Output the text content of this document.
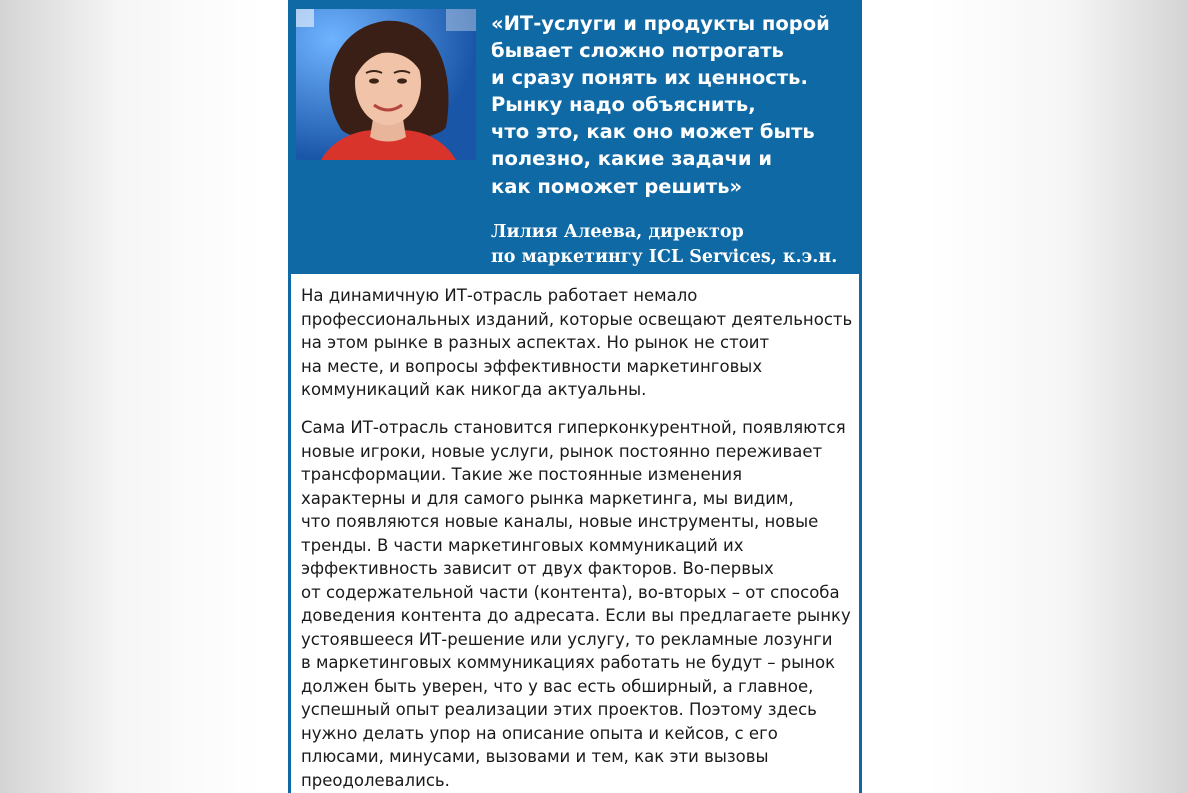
«ИТ-услуги и продукты порой
бывает сложно потрогать
и сразу понять их ценность.
Рынку надо объяснить,
что это, как оно может быть
полезно, какие задачи и
как поможет решить»

Лилия Алеева, директор
по маркетингу ICL Services, к.э.н.

На динамичную ИТ-отрасль работает немало
профессиональных изданий, которые освещают деятельность
на этом рынке в разных аспектах. Но рынок не стоит
на месте, и вопросы эффективности маркетинговых
коммуникаций как никогда актуальны.

Сама ИТ-отрасль становится гиперконкурентной, появляются
новые игроки, новые услуги, рынок постоянно переживает
трансформации. Такие же постоянные изменения
характерны и для самого рынка маркетинга, мы видим,
что появляются новые каналы, новые инструменты, новые
тренды. В части маркетинговых коммуникаций их
эффективность зависит от двух факторов. Во-первых
от содержательной части (контента), во-вторых – от способа
доведения контента до адресата. Если вы предлагаете рынку
устоявшееся ИТ-решение или услугу, то рекламные лозунги
в маркетинговых коммуникациях работать не будут – рынок
должен быть уверен, что у вас есть обширный, а главное,
успешный опыт реализации этих проектов. Поэтому здесь
нужно делать упор на описание опыта и кейсов, с его
плюсами, минусами, вызовами и тем, как эти вызовы
преодолевались.
